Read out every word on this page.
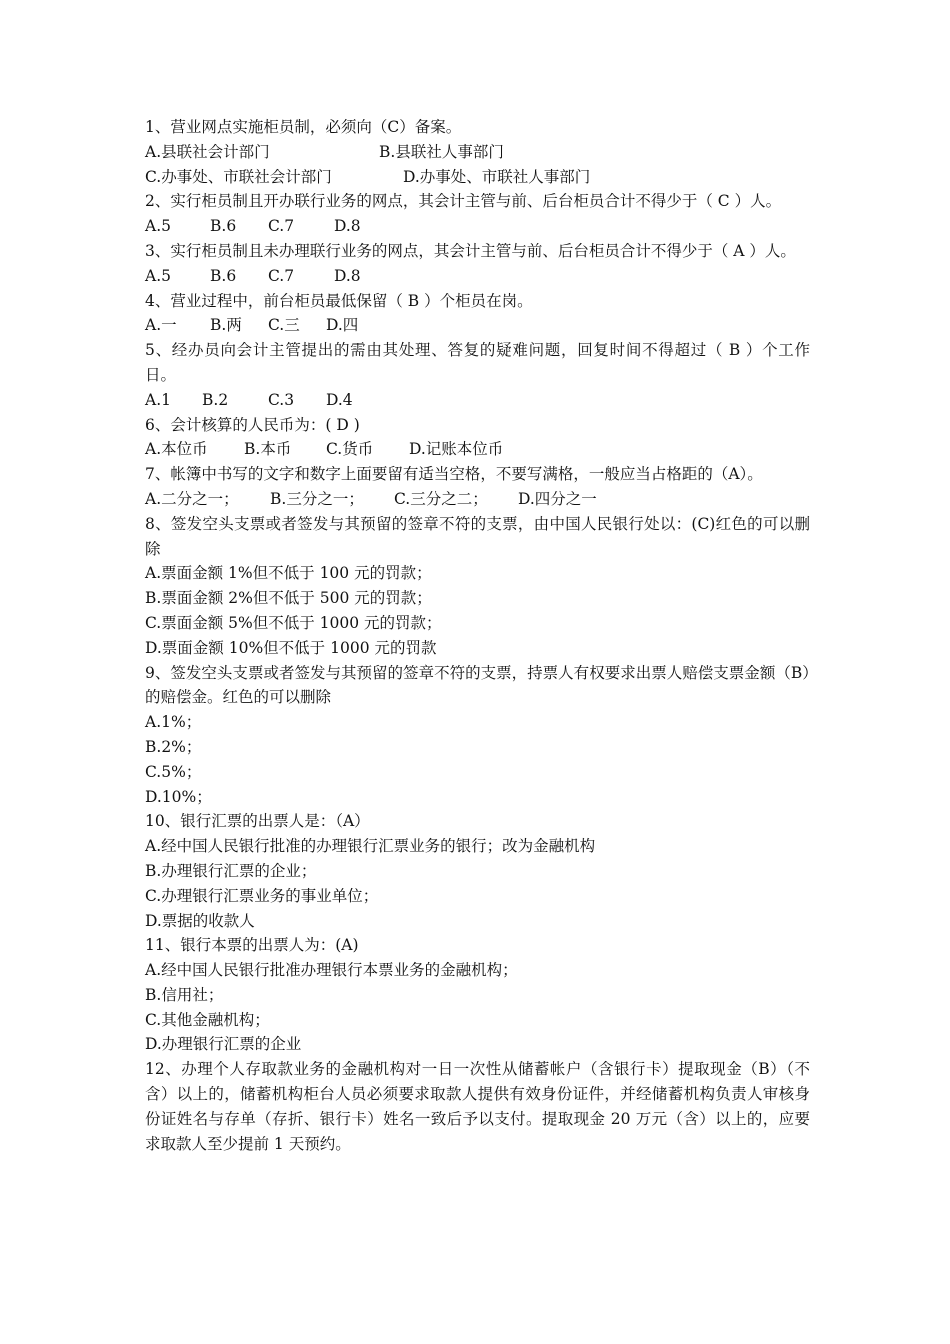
1、营业网点实施柜员制，必须向（C）备案。

A.县联社会计部门	B.县联社人事部门
C.办事处、市联社会计部门	D.办事处、市联社人事部门

2、实行柜员制且开办联行业务的网点，其会计主管与前、后台柜员合计不得少于（ C ）人。

A.5	B.6	C.7	D.8

3、实行柜员制且未办理联行业务的网点，其会计主管与前、后台柜员合计不得少于（ A ）人。

A.5	B.6	C.7	D.8

4、营业过程中，前台柜员最低保留（ B ）个柜员在岗。

A.一	B.两	C.三	D.四

5、经办员向会计主管提出的需由其处理、答复的疑难问题，回复时间不得超过（ B ）个工作日。

A.1	B.2	C.3	D.4

6、会计核算的人民币为：( D )

A.本位币	B.本币	C.货币	D.记账本位币

7、帐簿中书写的文字和数字上面要留有适当空格，不要写满格，一般应当占格距的（A）。

A.二分之一；	B.三分之一；	C.三分之二；	D.四分之一

8、签发空头支票或者签发与其预留的签章不符的支票，由中国人民银行处以：(C)红色的可以删除

A.票面金额 1%但不低于 100 元的罚款；
B.票面金额 2%但不低于 500 元的罚款；
C.票面金额 5%但不低于 1000 元的罚款；
D.票面金额 10%但不低于 1000 元的罚款

9、签发空头支票或者签发与其预留的签章不符的支票，持票人有权要求出票人赔偿支票金额（B）的赔偿金。红色的可以删除

A.1%；
B.2%；
C.5%；
D.10%；

10、银行汇票的出票人是：（A）

A.经中国人民银行批准的办理银行汇票业务的银行；改为金融机构
B.办理银行汇票的企业；
C.办理银行汇票业务的事业单位；
D.票据的收款人

11、银行本票的出票人为：(A)

A.经中国人民银行批准办理银行本票业务的金融机构；
B.信用社；
C.其他金融机构；
D.办理银行汇票的企业

12、办理个人存取款业务的金融机构对一日一次性从储蓄帐户（含银行卡）提取现金（B）（不含）以上的，储蓄机构柜台人员必须要求取款人提供有效身份证件，并经储蓄机构负责人审核身份证姓名与存单（存折、银行卡）姓名一致后予以支付。提取现金 20 万元（含）以上的，应要求取款人至少提前 1 天预约。
